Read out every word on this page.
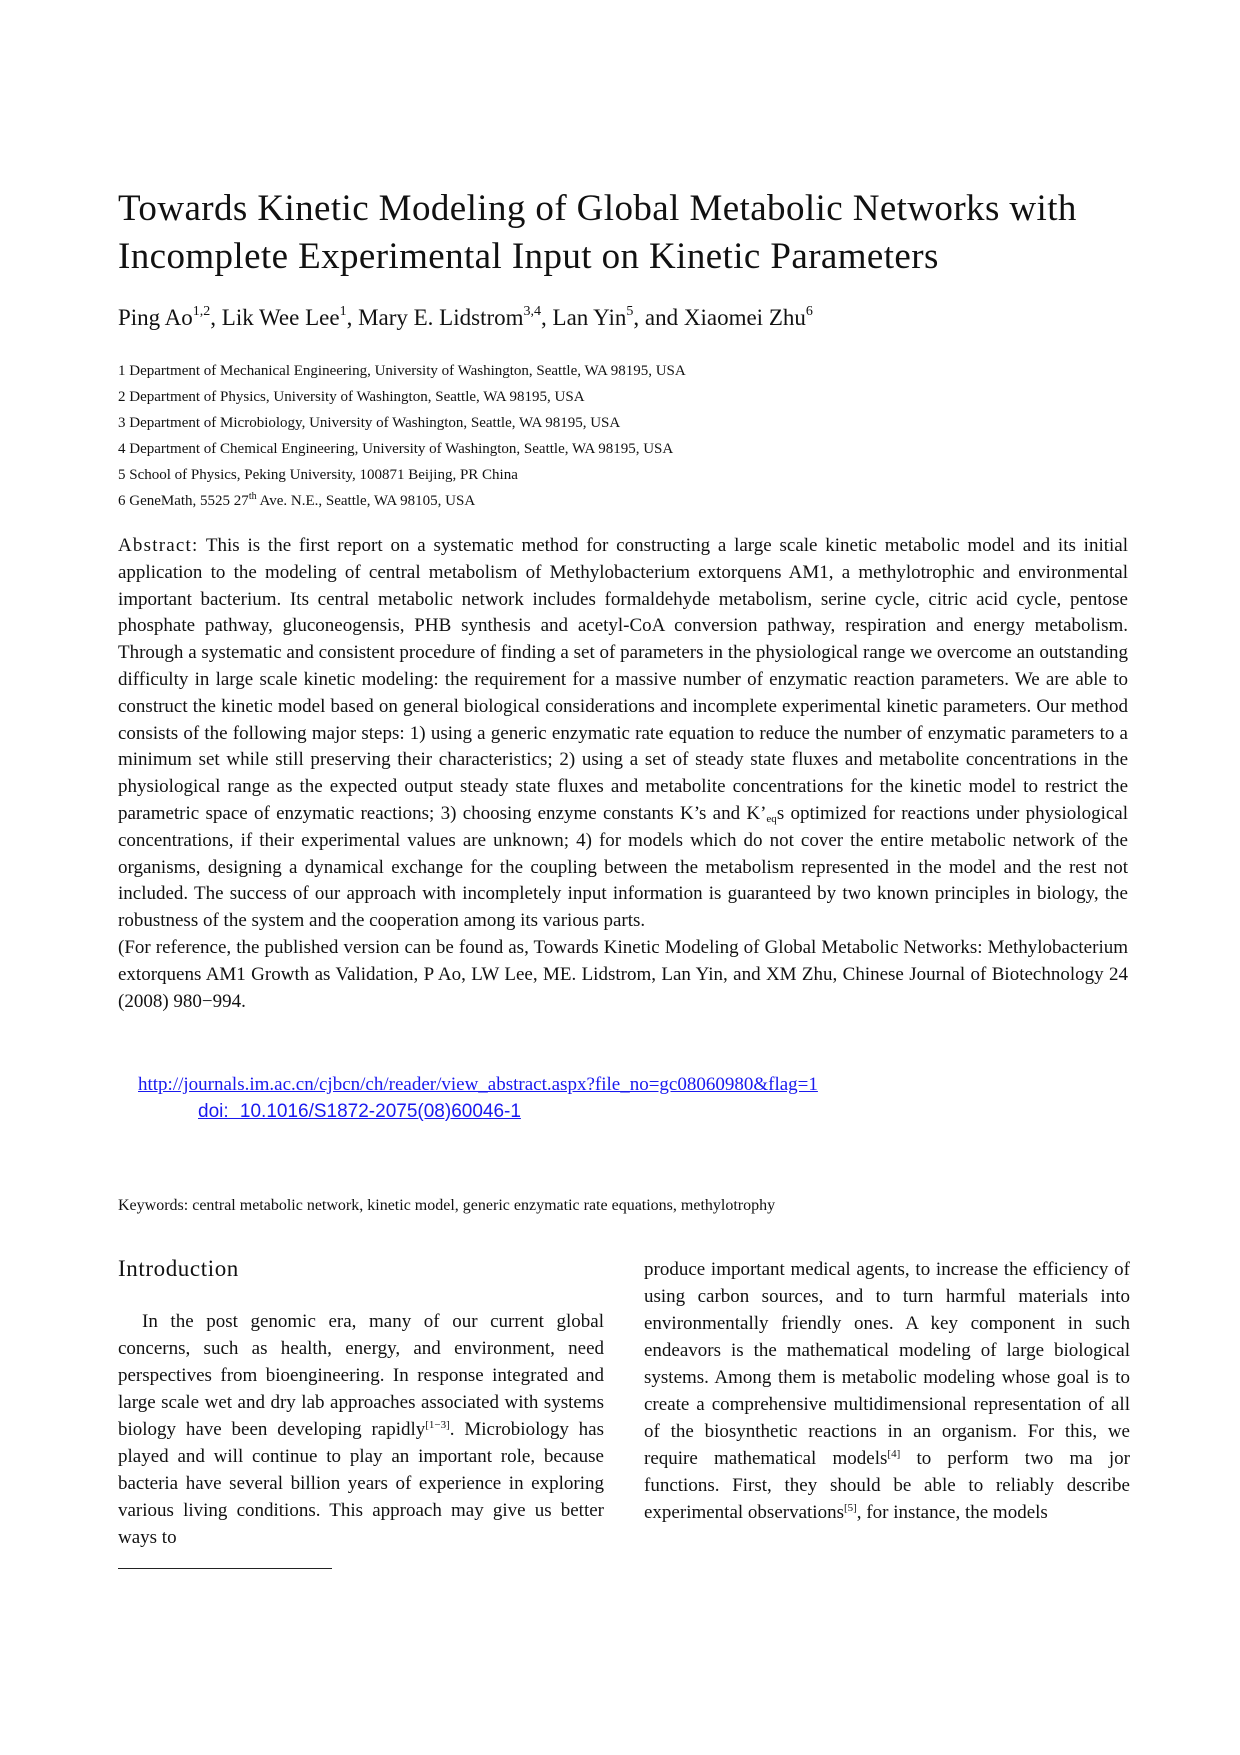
Towards Kinetic Modeling of Global Metabolic Networks with
Incomplete Experimental Input on Kinetic Parameters
Ping Ao$^{1,2}$, Lik Wee Lee$^1$, Mary E. Lidstrom$^{3,4}$, Lan Yin$^5$, and Xiaomei Zhu$^6$
1 Department of Mechanical Engineering, University of Washington, Seattle, WA 98195, USA
2 Department of Physics, University of Washington, Seattle, WA 98195, USA
3 Department of Microbiology, University of Washington, Seattle, WA 98195, USA
4 Department of Chemical Engineering, University of Washington, Seattle, WA 98195, USA
5 School of Physics, Peking University, 100871 Beijing, PR China
6 GeneMath, 5525 27th Ave. N.E., Seattle, WA 98105, USA
Abstract: This is the first report on a systematic method for constructing a large scale kinetic metabolic model and its initial application to the modeling of central metabolism of Methylobacterium extorquens AM1, a methylotrophic and environmental important bacterium. Its central metabolic network includes formaldehyde metabolism, serine cycle, citric acid cycle, pentose phosphate pathway, gluconeogensis, PHB synthesis and acetyl-CoA conversion pathway, respiration and energy metabolism. Through a systematic and consistent procedure of finding a set of parameters in the physiological range we overcome an outstanding difficulty in large scale kinetic modeling: the requirement for a massive number of enzymatic reaction parameters. We are able to construct the kinetic model based on general biological considerations and incomplete experimental kinetic parameters. Our method consists of the following major steps: 1) using a generic enzymatic rate equation to reduce the number of enzymatic parameters to a minimum set while still preserving their characteristics; 2) using a set of steady state fluxes and metabolite concentrations in the physiological range as the expected output steady state fluxes and metabolite concentrations for the kinetic model to restrict the parametric space of enzymatic reactions; 3) choosing enzyme constants K’s and $K’_{eq}s$ optimized for reactions under physiological concentrations, if their experimental values are unknown; 4) for models which do not cover the entire metabolic network of the organisms, designing a dynamical exchange for the coupling between the metabolism represented in the model and the rest not included. The success of our approach with incompletely input information is guaranteed by two known principles in biology, the robustness of the system and the cooperation among its various parts.
(For reference, the published version can be found as, Towards Kinetic Modeling of Global Metabolic Networks: Methylobacterium extorquens AM1 Growth as Validation, P Ao, LW Lee, ME. Lidstrom, Lan Yin, and XM Zhu, Chinese Journal of Biotechnology 24 (2008) 980−994.
http://journals.im.ac.cn/cjbcn/ch/reader/view_abstract.aspx?file_no=gc08060980&flag=1
doi: 10.1016/S1872-2075(08)60046-1
Keywords: central metabolic network, kinetic model, generic enzymatic rate equations, methylotrophy
Introduction

In the post genomic era, many of our current global concerns, such as health, energy, and environment, need perspectives from bioengineering. In response integrated and large scale wet and dry lab approaches associated with systems biology have been developing rapidly[1−3]. Microbiology has played and will continue to play an important role, because bacteria have several billion years of experience in exploring various living conditions. This approach may give us better ways to

produce important medical agents, to increase the efficiency of using carbon sources, and to turn harmful materials into environmentally friendly ones. A key component in such endeavors is the mathematical modeling of large biological systems. Among them is metabolic modeling whose goal is to create a comprehensive multidimensional representation of all of the biosynthetic reactions in an organism. For this, we require mathematical models[4] to perform two ma jor functions. First, they should be able to reliably describe experimental observations[5], for instance, the models
